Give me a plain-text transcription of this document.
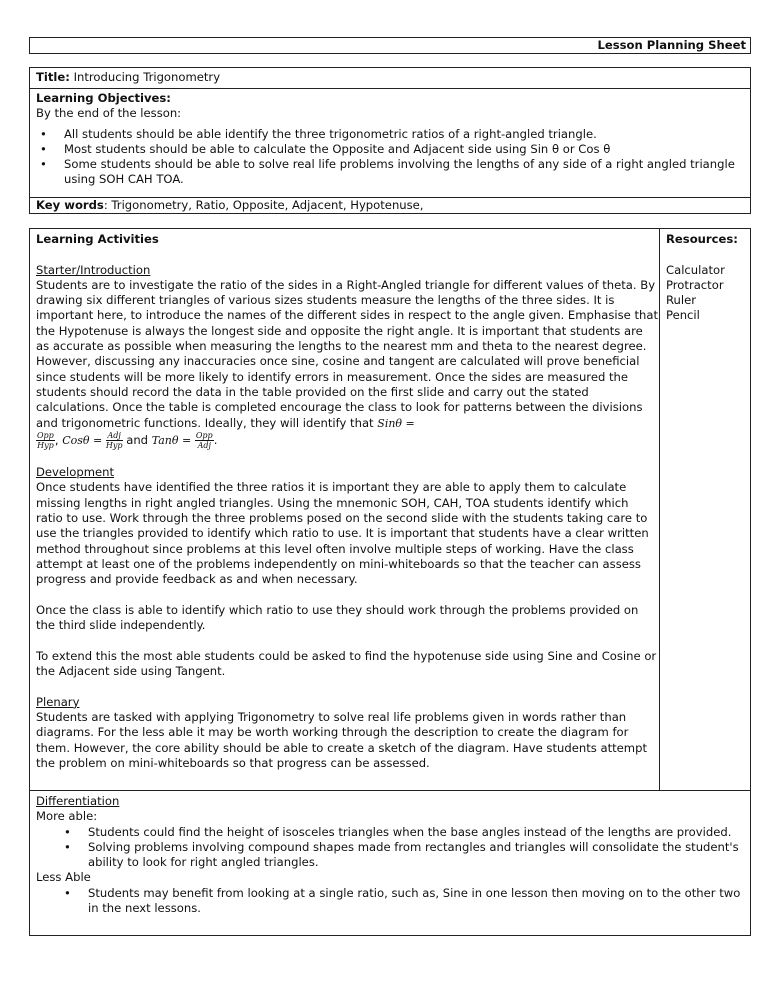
Lesson Planning Sheet
Title: Introducing Trigonometry

Learning Objectives:

By the end of the lesson:

• All students should be able identify the three trigonometric ratios of a right-angled triangle.
• Most students should be able to calculate the Opposite and Adjacent side using Sin θ or Cos θ
• Some students should be able to solve real life problems involving the lengths of any side of a right angled triangle using SOH CAH TOA.
Key words: Trigonometry, Ratio, Opposite, Adjacent, Hypotenuse,

Learning Activities

Starter/Introduction

Students are to investigate the ratio of the sides in a Right-Angled triangle for different values of theta. By drawing six different triangles of various sizes students measure the lengths of the three sides. It is important here, to introduce the names of the different sides in respect to the angle given. Emphasise that the Hypotenuse is always the longest side and opposite the right angle. It is important that students are as accurate as possible when measuring the lengths to the nearest mm and theta to the nearest degree. However, discussing any inaccuracies once sine, cosine and tangent are calculated will prove beneficial since students will be more likely to identify errors in measurement. Once the sides are measured the students should record the data in the table provided on the first slide and carry out the stated calculations. Once the table is completed encourage the class to look for patterns between the divisions and trigonometric functions. Ideally, they will identify that Sinθ =

$\frac{\text{Opp}}{\text{Hyp}}$ , $Cos\theta = \frac{\text{Adj}}{\text{Hyp}}$ and $Tan\theta = \frac{\text{Opp}}{\text{Adj}}$ .

Development

Once students have identified the three ratios it is important they are able to apply them to calculate missing lengths in right angled triangles. Using the mnemonic SOH, CAH, TOA students identify which ratio to use. Work through the three problems posed on the second slide with the students taking care to use the triangles provided to identify which ratio to use. It is important that students have a clear written method throughout since problems at this level often involve multiple steps of working. Have the class attempt at least one of the problems independently on mini-whiteboards so that the teacher can assess progress and provide feedback as and when necessary.

Once the class is able to identify which ratio to use they should work through the problems provided on the third slide independently.

To extend this the most able students could be asked to find the hypotenuse side using Sine and Cosine or the Adjacent side using Tangent.

Plenary

Students are tasked with applying Trigonometry to solve real life problems given in words rather than diagrams. For the less able it may be worth working through the description to create the diagram for them. However, the core ability should be able to create a sketch of the diagram. Have students attempt the problem on mini-whiteboards so that progress can be assessed.

Resources:

Calculator

Protractor

Ruler

Pencil

Differentiation

More able:

• Students could find the height of isosceles triangles when the base angles instead of the lengths are provided.
• Solving problems involving compound shapes made from rectangles and triangles will consolidate the student's ability to look for right angled triangles.

Less Able

• Students may benefit from looking at a single ratio, such as, Sine in one lesson then moving on to the other two in the next lessons.
